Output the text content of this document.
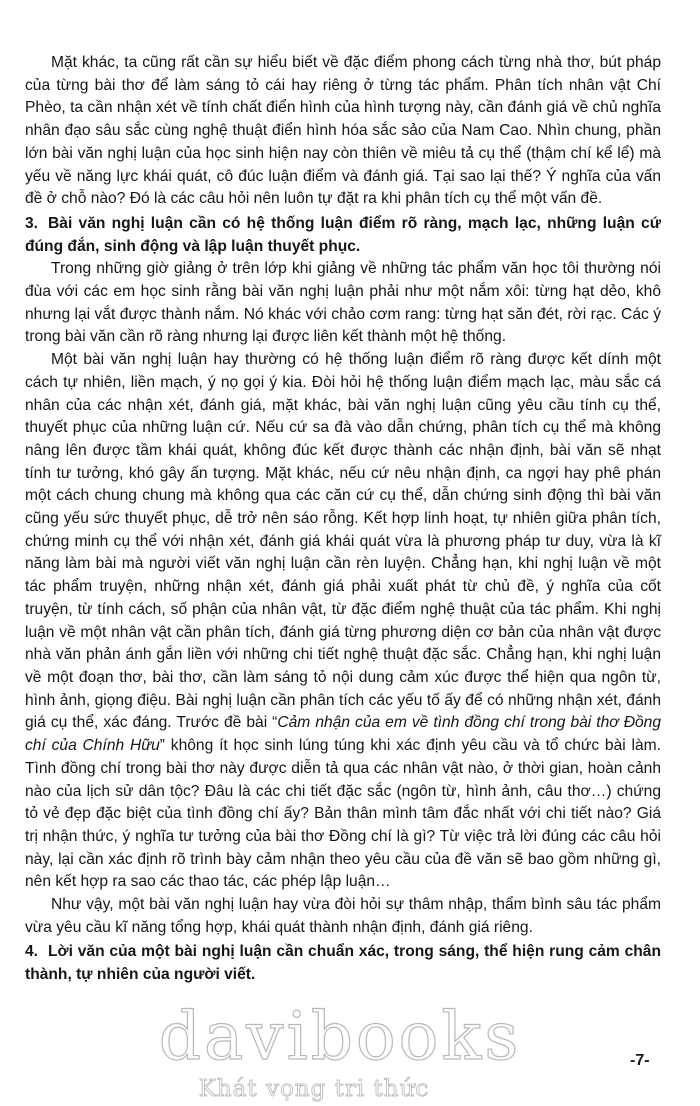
Mặt khác, ta cũng rất cần sự hiểu biết về đặc điểm phong cách từng nhà thơ, bút pháp của từng bài thơ để làm sáng tỏ cái hay riêng ở từng tác phẩm. Phân tích nhân vật Chí Phèo, ta cần nhận xét về tính chất điển hình của hình tượng này, cần đánh giá về chủ nghĩa nhân đạo sâu sắc cùng nghệ thuật điển hình hóa sắc sảo của Nam Cao. Nhìn chung, phần lớn bài văn nghị luận của học sinh hiện nay còn thiên về miêu tả cụ thể (thậm chí kể lể) mà yếu về năng lực khái quát, cô đúc luận điểm và đánh giá. Tại sao lại thế? Ý nghĩa của vấn đề ở chỗ nào? Đó là các câu hỏi nên luôn tự đặt ra khi phân tích cụ thể một vấn đề.

3. Bài văn nghị luận cần có hệ thống luận điểm rõ ràng, mạch lạc, những luận cứ đúng đắn, sinh động và lập luận thuyết phục.

Trong những giờ giảng ở trên lớp khi giảng về những tác phẩm văn học tôi thường nói đùa với các em học sinh rằng bài văn nghị luận phải như một nắm xôi: từng hạt dẻo, khô nhưng lại vắt được thành nắm. Nó khác với chảo cơm rang: từng hạt săn đét, rời rạc. Các ý trong bài văn cần rõ ràng nhưng lại được liên kết thành một hệ thống.

Một bài văn nghị luận hay thường có hệ thống luận điểm rõ ràng được kết dính một cách tự nhiên, liền mạch, ý nọ gọi ý kia. Đòi hỏi hệ thống luận điểm mạch lạc, màu sắc cá nhân của các nhận xét, đánh giá, mặt khác, bài văn nghị luận cũng yêu cầu tính cụ thể, thuyết phục của những luận cứ. Nếu cứ sa đà vào dẫn chứng, phân tích cụ thể mà không nâng lên được tầm khái quát, không đúc kết được thành các nhận định, bài văn sẽ nhạt tính tư tưởng, khó gây ấn tượng. Mặt khác, nếu cứ nêu nhận định, ca ngợi hay phê phán một cách chung chung mà không qua các căn cứ cụ thể, dẫn chứng sinh động thì bài văn cũng yếu sức thuyết phục, dễ trở nên sáo rỗng. Kết hợp linh hoạt, tự nhiên giữa phân tích, chứng minh cụ thể với nhận xét, đánh giá khái quát vừa là phương pháp tư duy, vừa là kĩ năng làm bài mà người viết văn nghị luận cần rèn luyện. Chẳng hạn, khi nghị luận về một tác phẩm truyện, những nhận xét, đánh giá phải xuất phát từ chủ đề, ý nghĩa của cốt truyện, từ tính cách, số phận của nhân vật, từ đặc điểm nghệ thuật của tác phẩm. Khi nghị luận về một nhân vật cần phân tích, đánh giá từng phương diện cơ bản của nhân vật được nhà văn phản ánh gắn liền với những chi tiết nghệ thuật đặc sắc. Chẳng hạn, khi nghị luận về một đoạn thơ, bài thơ, cần làm sáng tỏ nội dung cảm xúc được thể hiện qua ngôn từ, hình ảnh, giọng điệu. Bài nghị luận cần phân tích các yếu tố ấy để có những nhận xét, đánh giá cụ thể, xác đáng. Trước đề bài “Cảm nhận của em về tình đồng chí trong bài thơ Đồng chí của Chính Hữu” không ít học sinh lúng túng khi xác định yêu cầu và tổ chức bài làm. Tình đồng chí trong bài thơ này được diễn tả qua các nhân vật nào, ở thời gian, hoàn cảnh nào của lịch sử dân tộc? Đâu là các chi tiết đặc sắc (ngôn từ, hình ảnh, câu thơ…) chứng tỏ vẻ đẹp đặc biệt của tình đồng chí ấy? Bản thân mình tâm đắc nhất với chi tiết nào? Giá trị nhận thức, ý nghĩa tư tưởng của bài thơ Đồng chí là gì? Từ việc trả lời đúng các câu hỏi này, lại cần xác định rõ trình bày cảm nhận theo yêu cầu của đề văn sẽ bao gồm những gì, nên kết hợp ra sao các thao tác, các phép lập luận…

Như vậy, một bài văn nghị luận hay vừa đòi hỏi sự thâm nhập, thẩm bình sâu tác phẩm vừa yêu cầu kĩ năng tổng hợp, khái quát thành nhận định, đánh giá riêng.

4. Lời văn của một bài nghị luận cần chuẩn xác, trong sáng, thể hiện rung cảm chân thành, tự nhiên của người viết.

davibooks
Khát vọng tri thức
-7-
